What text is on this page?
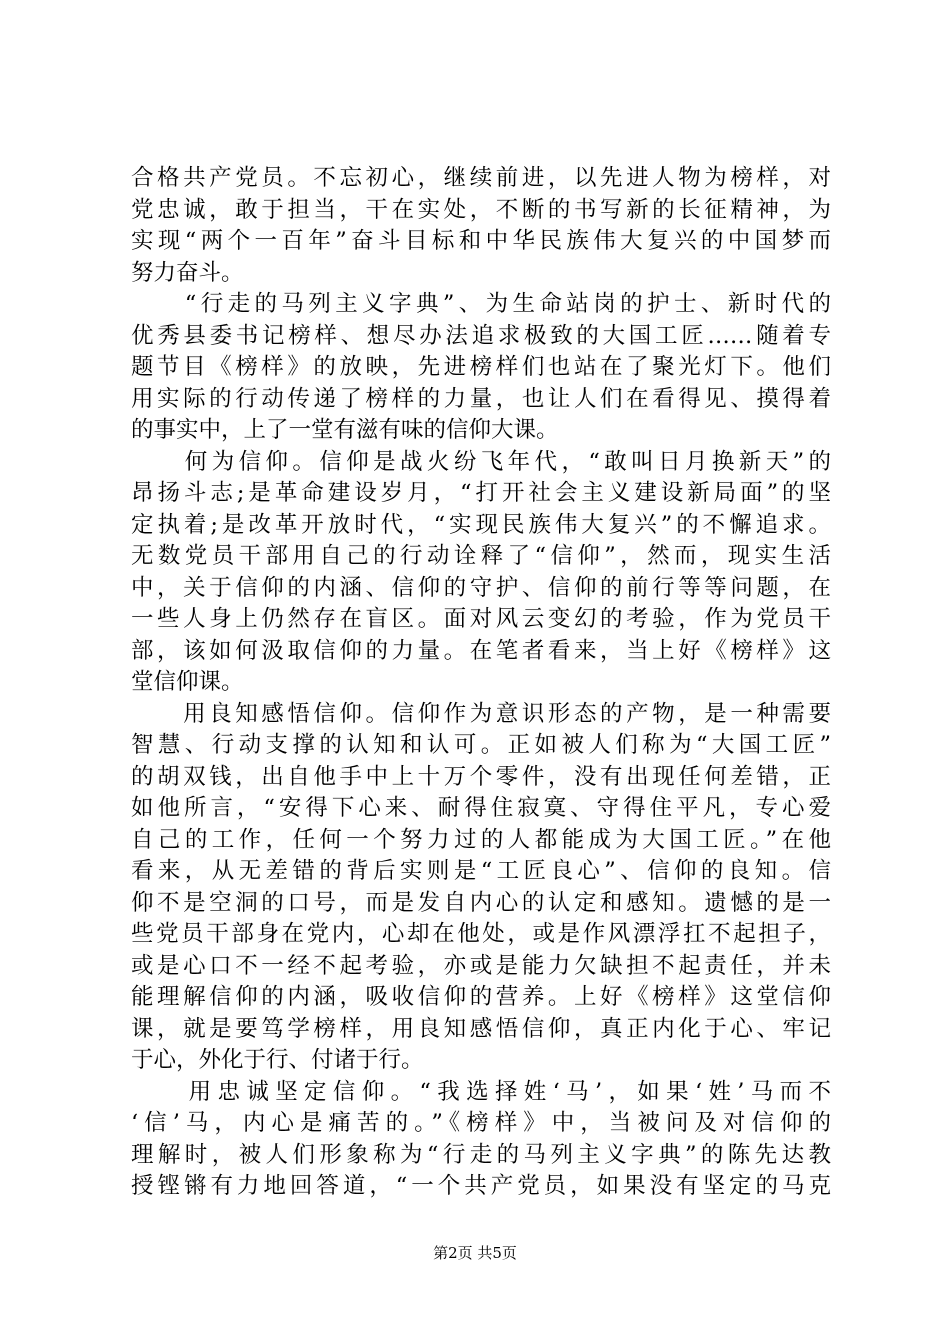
合格共产党员。不忘初心，继续前进，以先进人物为榜样，对
党忠诚，敢于担当，干在实处，不断的书写新的长征精神，为
实现“两个一百年”奋斗目标和中华民族伟大复兴的中国梦而
努力奋斗。
　　“行走的马列主义字典”、为生命站岗的护士、新时代的
优秀县委书记榜样、想尽办法追求极致的大国工匠……随着专
题节目《榜样》的放映，先进榜样们也站在了聚光灯下。他们
用实际的行动传递了榜样的力量，也让人们在看得见、摸得着
的事实中，上了一堂有滋有味的信仰大课。
　　何为信仰。信仰是战火纷飞年代，“敢叫日月换新天”的
昂扬斗志;是革命建设岁月，“打开社会主义建设新局面”的坚
定执着;是改革开放时代，“实现民族伟大复兴”的不懈追求。
无数党员干部用自己的行动诠释了“信仰”，然而，现实生活
中，关于信仰的内涵、信仰的守护、信仰的前行等等问题，在
一些人身上仍然存在盲区。面对风云变幻的考验，作为党员干
部，该如何汲取信仰的力量。在笔者看来，当上好《榜样》这
堂信仰课。
　　用良知感悟信仰。信仰作为意识形态的产物，是一种需要
智慧、行动支撑的认知和认可。正如被人们称为“大国工匠”
的胡双钱，出自他手中上十万个零件，没有出现任何差错，正
如他所言，“安得下心来、耐得住寂寞、守得住平凡，专心爱
自己的工作，任何一个努力过的人都能成为大国工匠。”在他
看来，从无差错的背后实则是“工匠良心”、信仰的良知。信
仰不是空洞的口号，而是发自内心的认定和感知。遗憾的是一
些党员干部身在党内，心却在他处，或是作风漂浮扛不起担子，
或是心口不一经不起考验，亦或是能力欠缺担不起责任，并未
能理解信仰的内涵，吸收信仰的营养。上好《榜样》这堂信仰
课，就是要笃学榜样，用良知感悟信仰，真正内化于心、牢记
于心，外化于行、付诸于行。
　　用忠诚坚定信仰。“我选择姓‘马’，如果‘姓’马而不
‘信’马，内心是痛苦的。”《榜样》中，当被问及对信仰的
理解时，被人们形象称为“行走的马列主义字典”的陈先达教
授铿锵有力地回答道，“一个共产党员，如果没有坚定的马克
第2页 共5页
